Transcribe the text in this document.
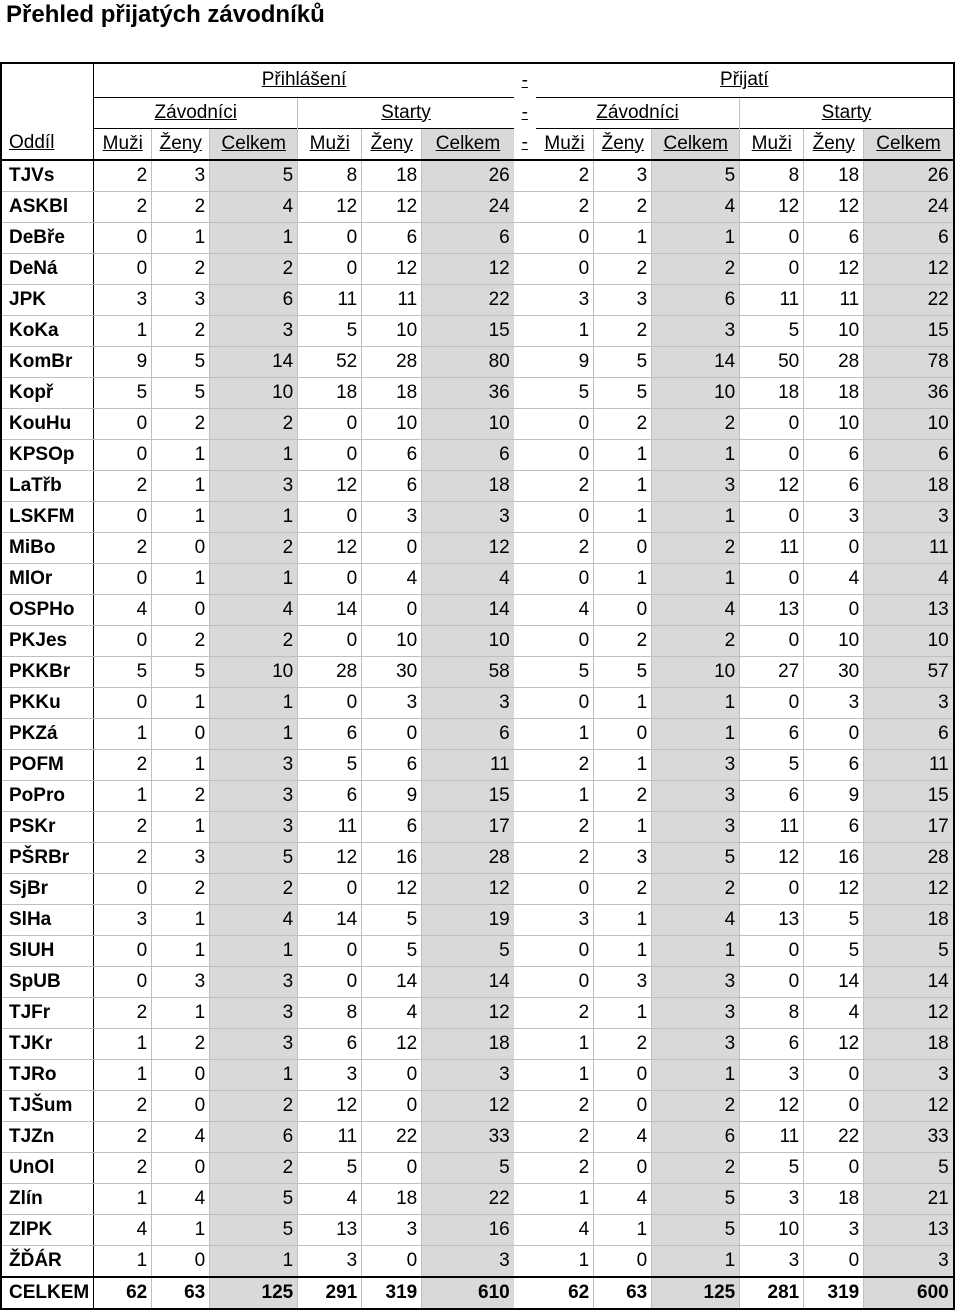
Přehled přijatých závodníků
	Přihlášení						-	Přijatí					
	Závodníci			Starty			-	Závodníci			Starty		
Oddíl	Muži	Ženy	Celkem	Muži	Ženy	Celkem	-	Muži	Ženy	Celkem	Muži	Ženy	Celkem
TJVs	2	3	5	8	18	26		2	3	5	8	18	26
ASKBl	2	2	4	12	12	24		2	2	4	12	12	24
DeBře	0	1	1	0	6	6		0	1	1	0	6	6
DeNá	0	2	2	0	12	12		0	2	2	0	12	12
JPK	3	3	6	11	11	22		3	3	6	11	11	22
KoKa	1	2	3	5	10	15		1	2	3	5	10	15
KomBr	9	5	14	52	28	80		9	5	14	50	28	78
Kopř	5	5	10	18	18	36		5	5	10	18	18	36
KouHu	0	2	2	0	10	10		0	2	2	0	10	10
KPSOp	0	1	1	0	6	6		0	1	1	0	6	6
LaTřb	2	1	3	12	6	18		2	1	3	12	6	18
LSKFM	0	1	1	0	3	3		0	1	1	0	3	3
MiBo	2	0	2	12	0	12		2	0	2	11	0	11
MlOr	0	1	1	0	4	4		0	1	1	0	4	4
OSPHo	4	0	4	14	0	14		4	0	4	13	0	13
PKJes	0	2	2	0	10	10		0	2	2	0	10	10
PKKBr	5	5	10	28	30	58		5	5	10	27	30	57
PKKu	0	1	1	0	3	3		0	1	1	0	3	3
PKZá	1	0	1	6	0	6		1	0	1	6	0	6
POFM	2	1	3	5	6	11		2	1	3	5	6	11
PoPro	1	2	3	6	9	15		1	2	3	6	9	15
PSKr	2	1	3	11	6	17		2	1	3	11	6	17
PŠRBr	2	3	5	12	16	28		2	3	5	12	16	28
SjBr	0	2	2	0	12	12		0	2	2	0	12	12
SlHa	3	1	4	14	5	19		3	1	4	13	5	18
SlUH	0	1	1	0	5	5		0	1	1	0	5	5
SpUB	0	3	3	0	14	14		0	3	3	0	14	14
TJFr	2	1	3	8	4	12		2	1	3	8	4	12
TJKr	1	2	3	6	12	18		1	2	3	6	12	18
TJRo	1	0	1	3	0	3		1	0	1	3	0	3
TJŠum	2	0	2	12	0	12		2	0	2	12	0	12
TJZn	2	4	6	11	22	33		2	4	6	11	22	33
UnOl	2	0	2	5	0	5		2	0	2	5	0	5
Zlín	1	4	5	4	18	22		1	4	5	3	18	21
ZlPK	4	1	5	13	3	16		4	1	5	10	3	13
ŽĎÁR	1	0	1	3	0	3		1	0	1	3	0	3
CELKEM	62	63	125	291	319	610		62	63	125	281	319	600
